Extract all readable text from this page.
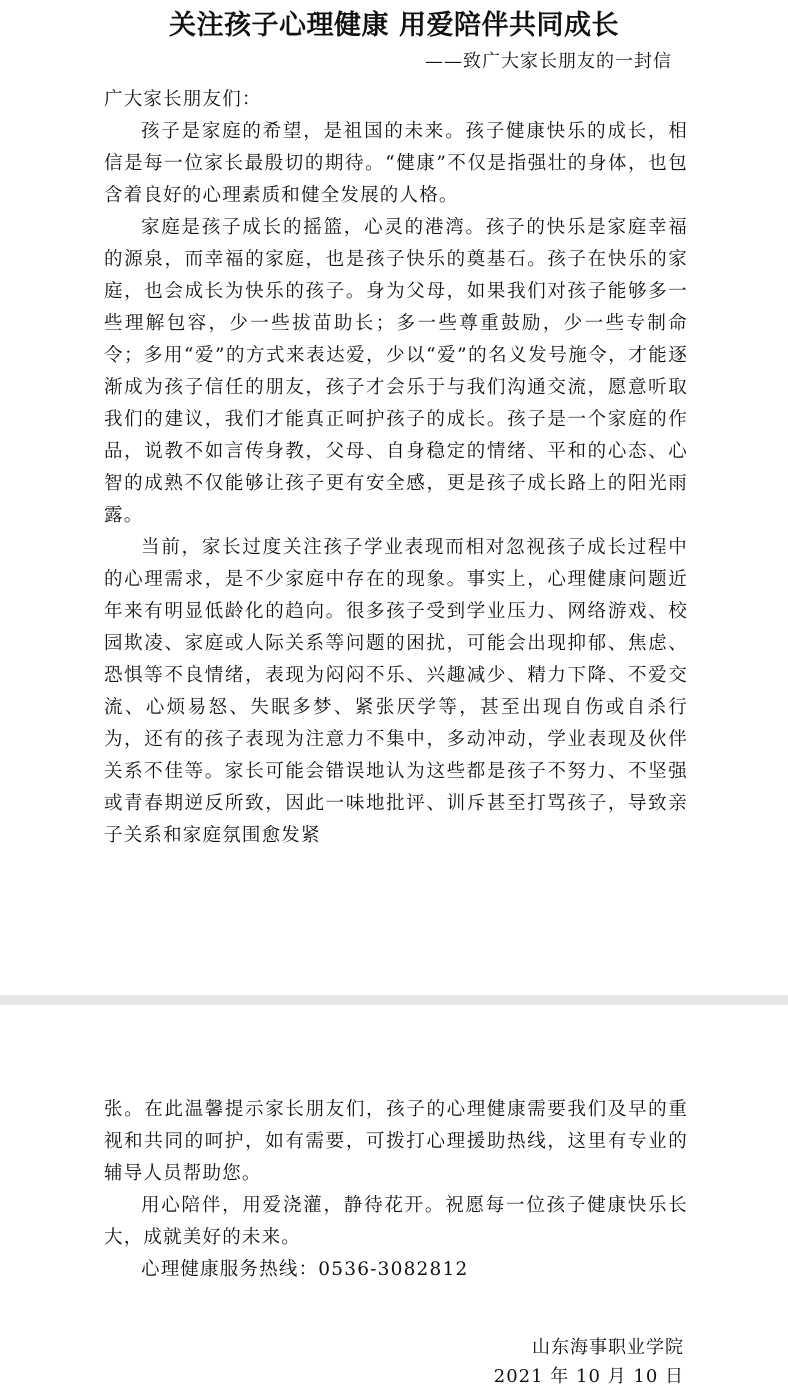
关注孩子心理健康 用爱陪伴共同成长
——致广大家长朋友的一封信

广大家长朋友们：

孩子是家庭的希望，是祖国的未来。孩子健康快乐的成长，相信是每一位家长最殷切的期待。“健康”不仅是指强壮的身体，也包含着良好的心理素质和健全发展的人格。

家庭是孩子成长的摇篮，心灵的港湾。孩子的快乐是家庭幸福的源泉，而幸福的家庭，也是孩子快乐的奠基石。孩子在快乐的家庭，也会成长为快乐的孩子。身为父母，如果我们对孩子能够多一些理解包容，少一些拔苗助长；多一些尊重鼓励，少一些专制命令；多用“爱”的方式来表达爱，少以“爱”的名义发号施令，才能逐渐成为孩子信任的朋友，孩子才会乐于与我们沟通交流，愿意听取我们的建议，我们才能真正呵护孩子的成长。孩子是一个家庭的作品，说教不如言传身教，父母、自身稳定的情绪、平和的心态、心智的成熟不仅能够让孩子更有安全感，更是孩子成长路上的阳光雨露。

当前，家长过度关注孩子学业表现而相对忽视孩子成长过程中的心理需求，是不少家庭中存在的现象。事实上，心理健康问题近年来有明显低龄化的趋向。很多孩子受到学业压力、网络游戏、校园欺凌、家庭或人际关系等问题的困扰，可能会出现抑郁、焦虑、恐惧等不良情绪，表现为闷闷不乐、兴趣减少、精力下降、不爱交流、心烦易怒、失眠多梦、紧张厌学等，甚至出现自伤或自杀行为，还有的孩子表现为注意力不集中，多动冲动，学业表现及伙伴关系不佳等。家长可能会错误地认为这些都是孩子不努力、不坚强或青春期逆反所致，因此一味地批评、训斥甚至打骂孩子，导致亲子关系和家庭氛围愈发紧

张。在此温馨提示家长朋友们，孩子的心理健康需要我们及早的重视和共同的呵护，如有需要，可拨打心理援助热线，这里有专业的辅导人员帮助您。

用心陪伴，用爱浇灌，静待花开。祝愿每一位孩子健康快乐长大，成就美好的未来。

心理健康服务热线：0536-3082812

山东海事职业学院
2021 年 10 月 10 日
